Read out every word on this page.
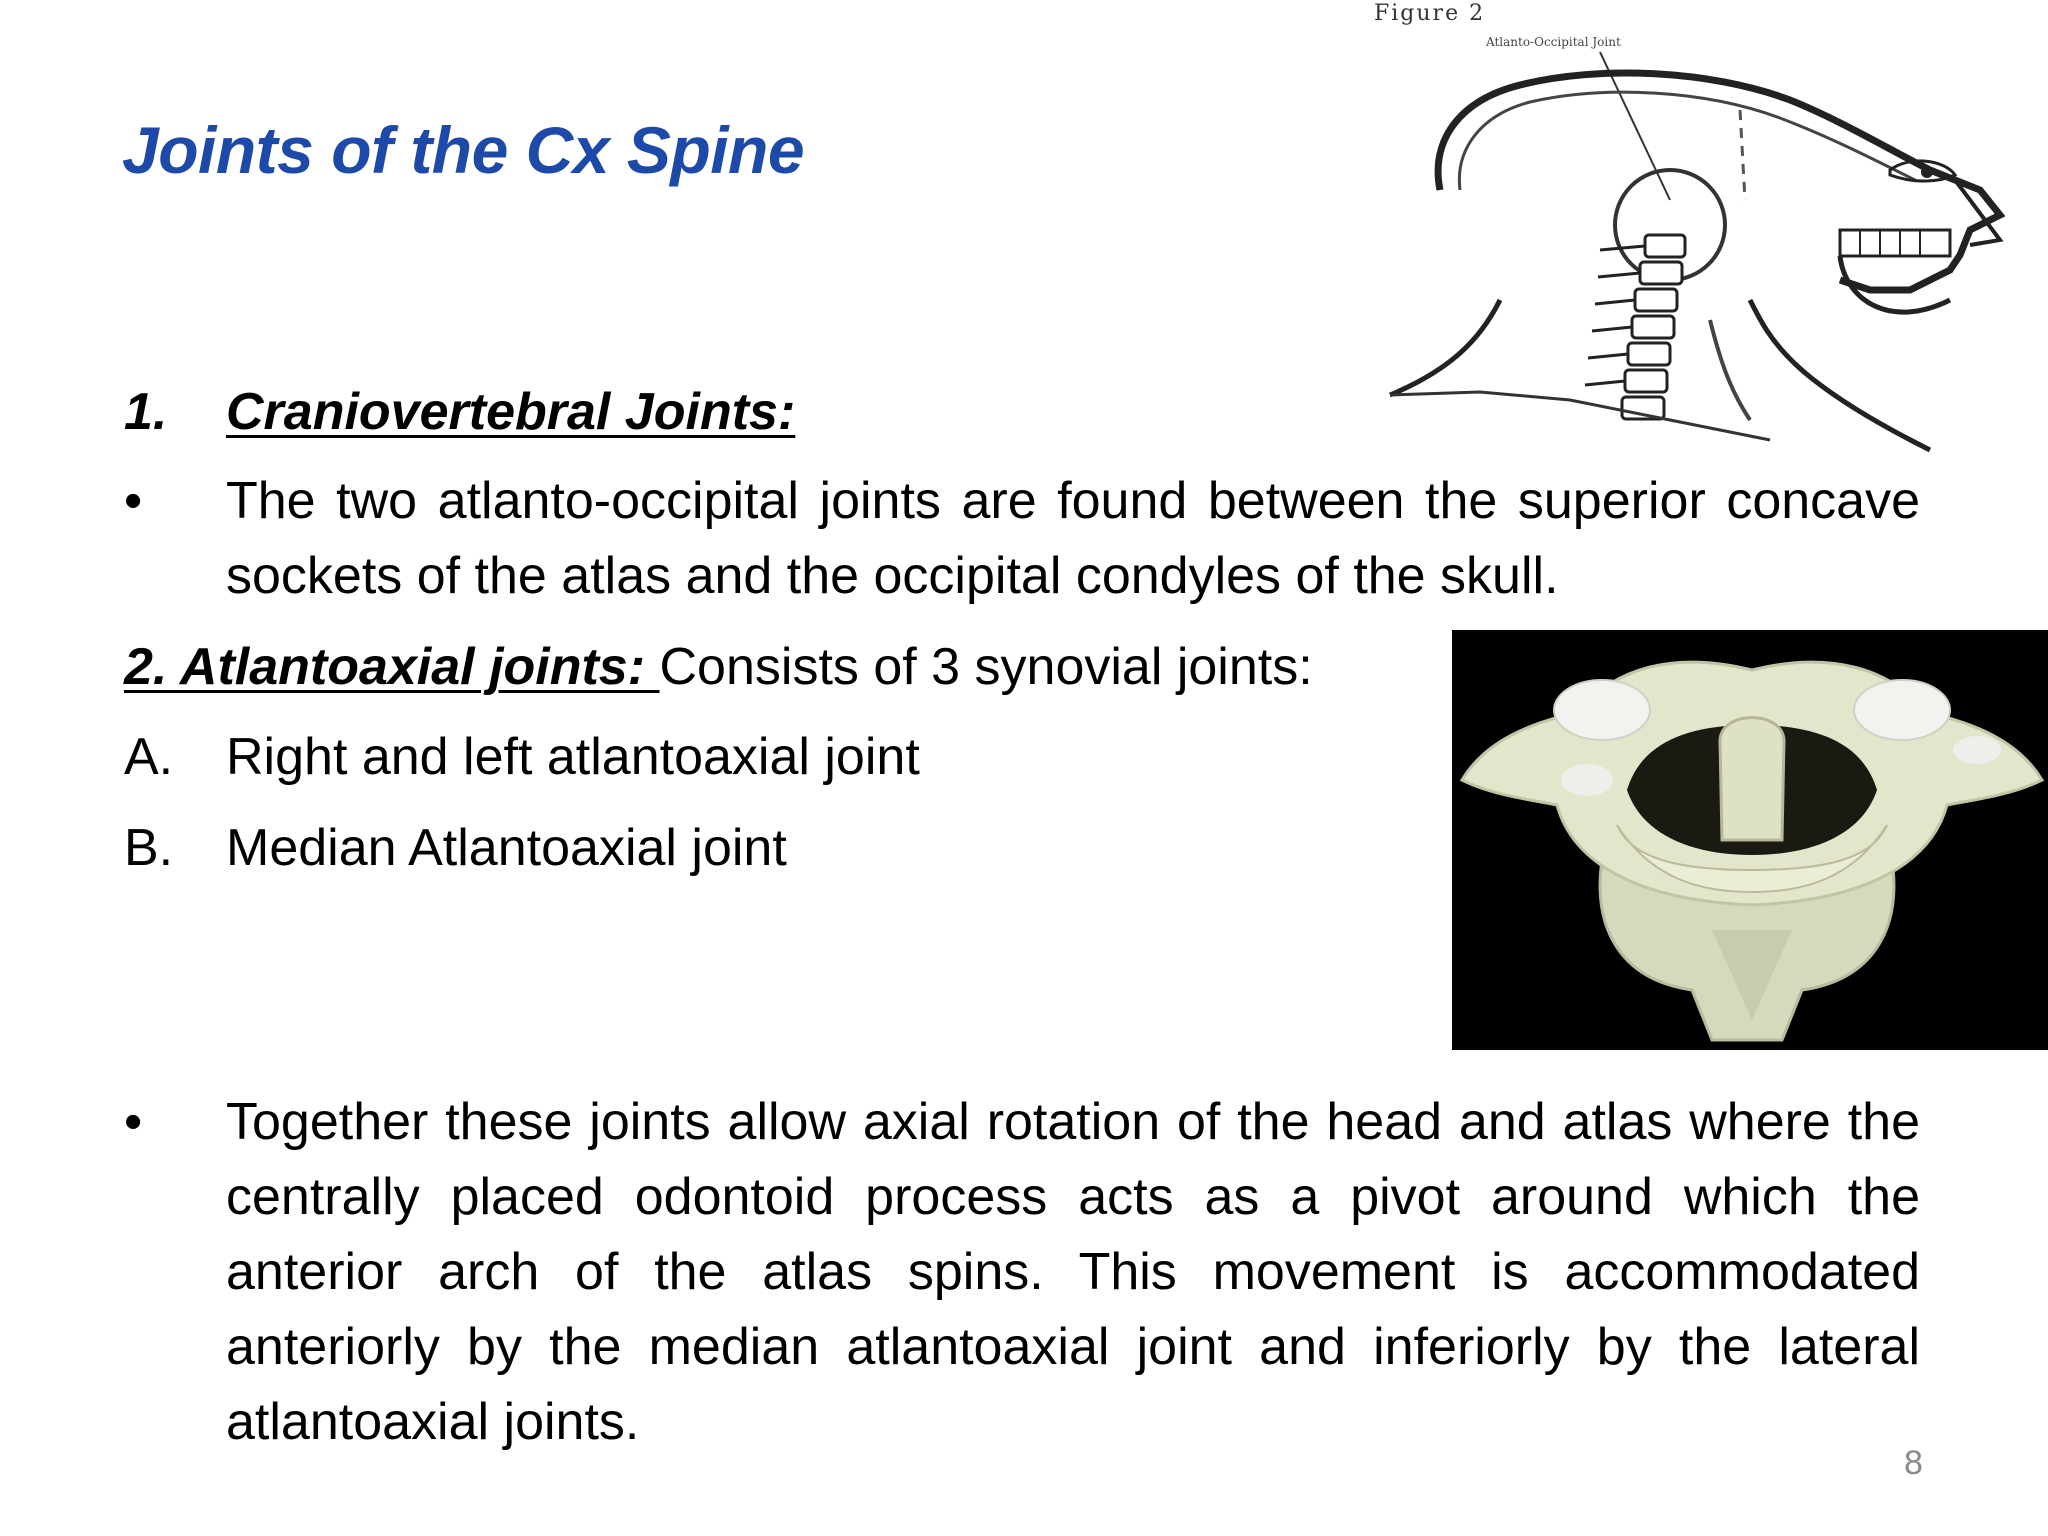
Joints of the Cx Spine
Figure 2
Atlanto-Occipital Joint
1. Craniovertebral Joints:
• The two atlanto-occipital joints are found between the superior concave sockets of the atlas and the occipital condyles of the skull.

2. Atlantoaxial joints: Consists of 3 synovial joints:
A. Right and left atlantoaxial joint
B. Median Atlantoaxial joint
• Together these joints allow axial rotation of the head and atlas where the centrally placed odontoid process acts as a pivot around which the anterior arch of the atlas spins. This movement is accommodated anteriorly by the median atlantoaxial joint and inferiorly by the lateral atlantoaxial joints.

8
